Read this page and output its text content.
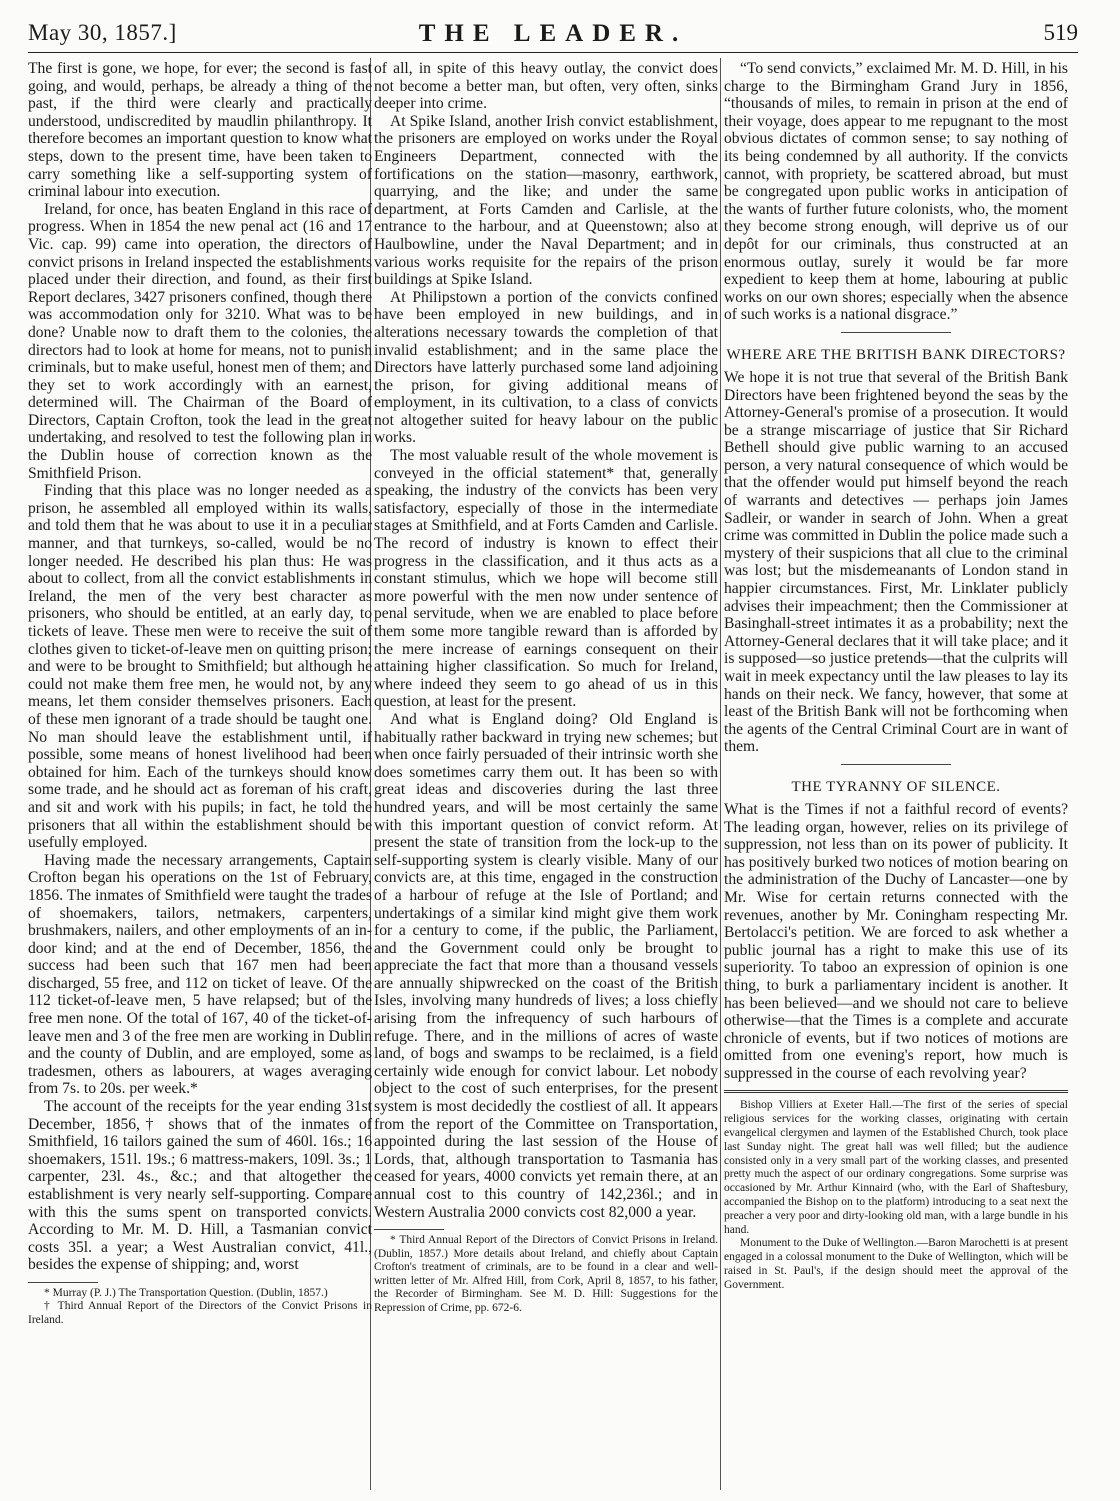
THE LEADER.
May 30, 1857.]	519

The first is gone, we hope, for ever; the second is fast going, and would, perhaps, be already a thing of the past, if the third were clearly and practically understood, undiscredited by maudlin philanthropy. It therefore becomes an important question to know what steps, down to the present time, have been taken to carry something like a self-supporting system of criminal labour into execution.

Ireland, for once, has beaten England in this race of progress. When in 1854 the new penal act (16 and 17 Vic. cap. 99) came into operation, the directors of convict prisons in Ireland inspected the establishments placed under their direction, and found, as their first Report declares, 3427 prisoners confined, though there was accommodation only for 3210. What was to be done? Unable now to draft them to the colonies, the directors had to look at home for means, not to punish criminals, but to make useful, honest men of them; and they set to work accordingly with an earnest, determined will. The Chairman of the Board of Directors, Captain Crofton, took the lead in the great undertaking, and resolved to test the following plan in the Dublin house of correction known as the Smithfield Prison.

Finding that this place was no longer needed as a prison, he assembled all employed within its walls, and told them that he was about to use it in a peculiar manner, and that turnkeys, so-called, would be no longer needed. He described his plan thus: He was about to collect, from all the convict establishments in Ireland, the men of the very best character as prisoners, who should be entitled, at an early day, to tickets of leave. These men were to receive the suit of clothes given to ticket-of-leave men on quitting prison; and were to be brought to Smithfield; but although he could not make them free men, he would not, by any means, let them consider themselves prisoners. Each of these men ignorant of a trade should be taught one. No man should leave the establishment until, if possible, some means of honest livelihood had been obtained for him. Each of the turnkeys should know some trade, and he should act as foreman of his craft, and sit and work with his pupils; in fact, he told the prisoners that all within the establishment should be usefully employed.

Having made the necessary arrangements, Captain Crofton began his operations on the 1st of February, 1856. The inmates of Smithfield were taught the trades of shoemakers, tailors, netmakers, carpenters, brushmakers, nailers, and other employments of an in-door kind; and at the end of December, 1856, the success had been such that 167 men had been discharged, 55 free, and 112 on ticket of leave. Of the 112 ticket-of-leave men, 5 have relapsed; but of the free men none. Of the total of 167, 40 of the ticket-of-leave men and 3 of the free men are working in Dublin and the county of Dublin, and are employed, some as tradesmen, others as labourers, at wages averaging from 7s. to 20s. per week.*

The account of the receipts for the year ending 31st December, 1856,† shows that of the inmates of Smithfield, 16 tailors gained the sum of 460l. 16s.; 16 shoemakers, 151l. 19s.; 6 mattress-makers, 109l. 3s.; 1 carpenter, 23l. 4s., &c.; and that altogether the establishment is very nearly self-supporting. Compare with this the sums spent on transported convicts. According to Mr. M. D. Hill, a Tasmanian convict costs 35l. a year; a West Australian convict, 41l., besides the expense of shipping; and, worst

* Murray (P. J.) The Transportation Question. (Dublin, 1857.)

† Third Annual Report of the Directors of the Convict Prisons in Ireland.

of all, in spite of this heavy outlay, the convict does not become a better man, but often, very often, sinks deeper into crime.

At Spike Island, another Irish convict establishment, the prisoners are employed on works under the Royal Engineers Department, connected with the fortifications on the station—masonry, earthwork, quarrying, and the like; and under the same department, at Forts Camden and Carlisle, at the entrance to the harbour, and at Queenstown; also at Haulbowline, under the Naval Department; and in various works requisite for the repairs of the prison buildings at Spike Island.

At Philipstown a portion of the convicts confined have been employed in new buildings, and in alterations necessary towards the completion of that invalid establishment; and in the same place the Directors have latterly purchased some land adjoining the prison, for giving additional means of employment, in its cultivation, to a class of convicts not altogether suited for heavy labour on the public works.

The most valuable result of the whole movement is conveyed in the official statement* that, generally speaking, the industry of the convicts has been very satisfactory, especially of those in the intermediate stages at Smithfield, and at Forts Camden and Carlisle. The record of industry is known to effect their progress in the classification, and it thus acts as a constant stimulus, which we hope will become still more powerful with the men now under sentence of penal servitude, when we are enabled to place before them some more tangible reward than is afforded by the mere increase of earnings consequent on their attaining higher classification. So much for Ireland, where indeed they seem to go ahead of us in this question, at least for the present.

And what is England doing? Old England is habitually rather backward in trying new schemes; but when once fairly persuaded of their intrinsic worth she does sometimes carry them out. It has been so with great ideas and discoveries during the last three hundred years, and will be most certainly the same with this important question of convict reform. At present the state of transition from the lock-up to the self-supporting system is clearly visible. Many of our convicts are, at this time, engaged in the construction of a harbour of refuge at the Isle of Portland; and undertakings of a similar kind might give them work for a century to come, if the public, the Parliament, and the Government could only be brought to appreciate the fact that more than a thousand vessels are annually shipwrecked on the coast of the British Isles, involving many hundreds of lives; a loss chiefly arising from the infrequency of such harbours of refuge. There, and in the millions of acres of waste land, of bogs and swamps to be reclaimed, is a field certainly wide enough for convict labour. Let nobody object to the cost of such enterprises, for the present system is most decidedly the costliest of all. It appears from the report of the Committee on Transportation, appointed during the last session of the House of Lords, that, although transportation to Tasmania has ceased for years, 4000 convicts yet remain there, at an annual cost to this country of 142,236l.; and in Western Australia 2000 convicts cost 82,000 a year.

* Third Annual Report of the Directors of Convict Prisons in Ireland. (Dublin, 1857.) More details about Ireland, and chiefly about Captain Crofton's treatment of criminals, are to be found in a clear and well-written letter of Mr. Alfred Hill, from Cork, April 8, 1857, to his father, the Recorder of Birmingham. See M. D. Hill: Suggestions for the Repression of Crime, pp. 672-6.

“To send convicts,” exclaimed Mr. M. D. Hill, in his charge to the Birmingham Grand Jury in 1856, “thousands of miles, to remain in prison at the end of their voyage, does appear to me repugnant to the most obvious dictates of common sense; to say nothing of its being condemned by all authority. If the convicts cannot, with propriety, be scattered abroad, but must be congregated upon public works in anticipation of the wants of further future colonists, who, the moment they become strong enough, will deprive us of our depôt for our criminals, thus constructed at an enormous outlay, surely it would be far more expedient to keep them at home, labouring at public works on our own shores; especially when the absence of such works is a national disgrace.”

WHERE ARE THE BRITISH BANK DIRECTORS?

We hope it is not true that several of the British Bank Directors have been frightened beyond the seas by the Attorney-General's promise of a prosecution. It would be a strange miscarriage of justice that Sir Richard Bethell should give public warning to an accused person, a very natural consequence of which would be that the offender would put himself beyond the reach of warrants and detectives — perhaps join James Sadleir, or wander in search of John. When a great crime was committed in Dublin the police made such a mystery of their suspicions that all clue to the criminal was lost; but the misdemeanants of London stand in happier circumstances. First, Mr. Linklater publicly advises their impeachment; then the Commissioner at Basinghall-street intimates it as a probability; next the Attorney-General declares that it will take place; and it is supposed—so justice pretends—that the culprits will wait in meek expectancy until the law pleases to lay its hands on their neck. We fancy, however, that some at least of the British Bank will not be forthcoming when the agents of the Central Criminal Court are in want of them.

THE TYRANNY OF SILENCE.

What is the Times if not a faithful record of events? The leading organ, however, relies on its privilege of suppression, not less than on its power of publicity. It has positively burked two notices of motion bearing on the administration of the Duchy of Lancaster—one by Mr. Wise for certain returns connected with the revenues, another by Mr. Coningham respecting Mr. Bertolacci's petition. We are forced to ask whether a public journal has a right to make this use of its superiority. To taboo an expression of opinion is one thing, to burk a parliamentary incident is another. It has been believed—and we should not care to believe otherwise—that the Times is a complete and accurate chronicle of events, but if two notices of motions are omitted from one evening's report, how much is suppressed in the course of each revolving year?

Bishop Villiers at Exeter Hall.—The first of the series of special religious services for the working classes, originating with certain evangelical clergymen and laymen of the Established Church, took place last Sunday night. The great hall was well filled; but the audience consisted only in a very small part of the working classes, and presented pretty much the aspect of our ordinary congregations. Some surprise was occasioned by Mr. Arthur Kinnaird (who, with the Earl of Shaftesbury, accompanied the Bishop on to the platform) introducing to a seat next the preacher a very poor and dirty-looking old man, with a large bundle in his hand.

Monument to the Duke of Wellington.—Baron Marochetti is at present engaged in a colossal monument to the Duke of Wellington, which will be raised in St. Paul's, if the design should meet the approval of the Government.
